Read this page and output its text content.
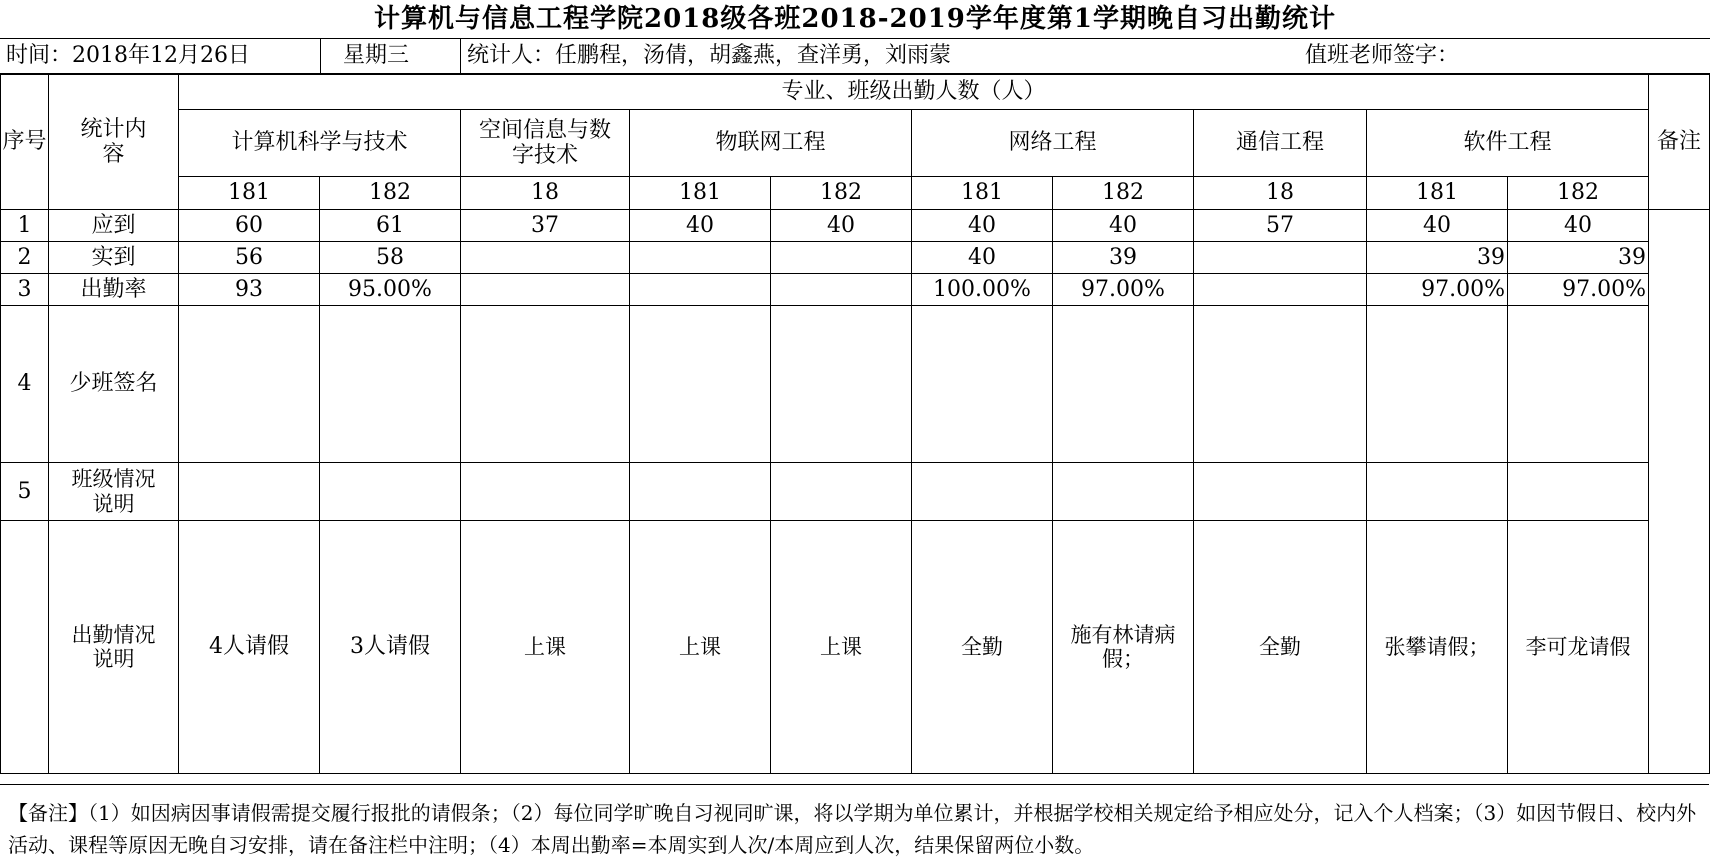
计算机与信息工程学院2018级各班2018-2019学年度第1学期晚自习出勤统计
时间：2018年12月26日	星期三	统计人：任鹏程，汤倩，胡鑫燕，查洋勇，刘雨蒙	值班老师签字：
序号	统计内容	专业、班级出勤人数（人）										备注
		计算机科学与技术		空间信息与数字技术	物联网工程		网络工程		通信工程	软件工程		
		181	182	18	181	182	181	182	18	181	182	
1	应到	60	61	37	40	40	40	40	57	40	40	
2	实到	56	58				40	39		39	39	
3	出勤率	93	95.00%				100.00%	97.00%		97.00%	97.00%	
4	少班签名											
5	班级情况说明											
	出勤情况说明	4人请假	3人请假	上课	上课	上课	全勤	施有林请病假；	全勤	张攀请假；	李可龙请假	
【备注】（1）如因病因事请假需提交履行报批的请假条；（2）每位同学旷晚自习视同旷课，将以学期为单位累计，并根据学校相关规定给予相应处分，记入个人档案；（3）如因节假日、校内外活动、课程等原因无晚自习安排，请在备注栏中注明；（4）本周出勤率=本周实到人次/本周应到人次，结果保留两位小数。
